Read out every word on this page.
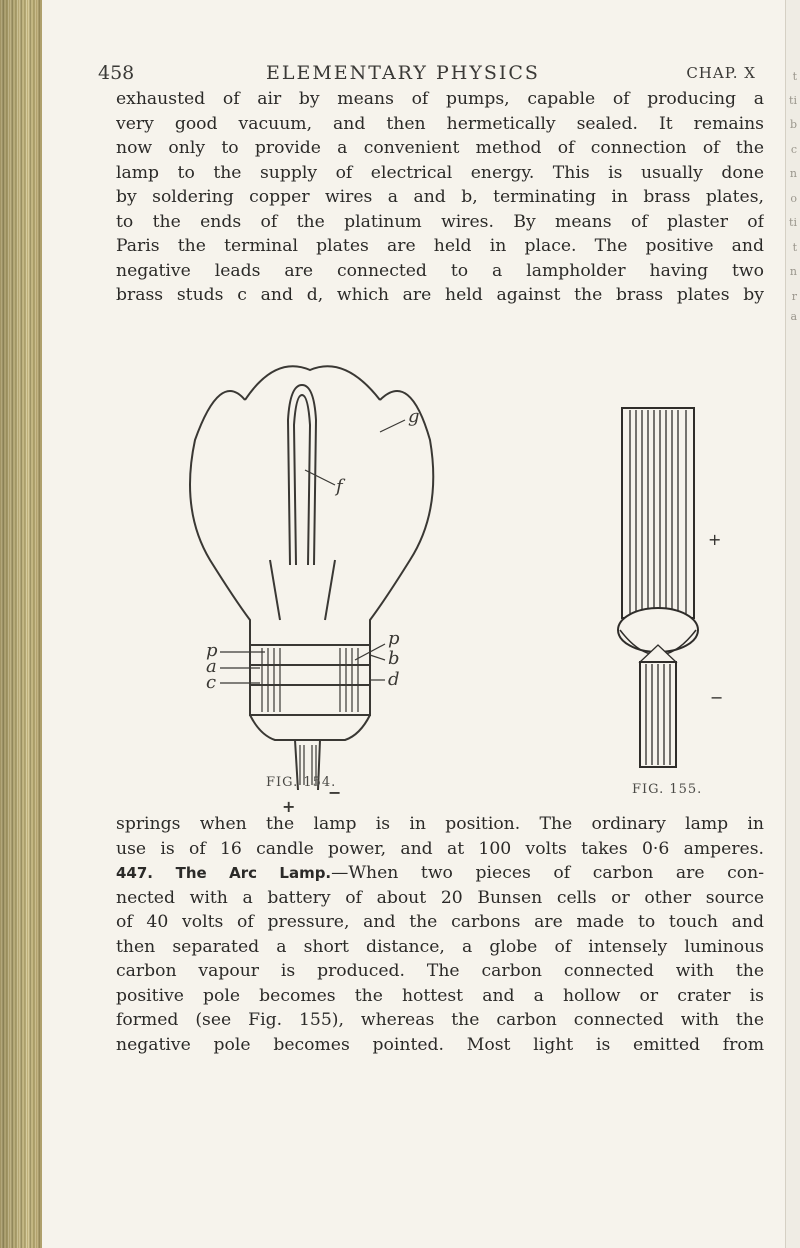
t
ti
b
c
n
o
ti
t
n
r
a
458	ELEMENTARY PHYSICS	CHAP. X
exhausted of air by means of pumps, capable of producing a
very good vacuum, and then hermetically sealed. It remains
now only to provide a convenient method of connection of the
lamp to the supply of electrical energy. This is usually done
by soldering copper wires a and b, terminating in brass plates,
to the ends of the platinum wires. By means of plaster of
Paris the terminal plates are held in place. The positive and
negative leads are connected to a lampholder having two
brass studs c and d, which are held against the brass plates by
g
f
p
p
a	b
c	d
+
−
FIG. 154.
+
−
FIG. 155.
springs when the lamp is in position. The ordinary lamp in
use is of 16 candle power, and at 100 volts takes 0·6 amperes.
447. The Arc Lamp.—When two pieces of carbon are con-
nected with a battery of about 20 Bunsen cells or other source
of 40 volts of pressure, and the carbons are made to touch and
then separated a short distance, a globe of intensely luminous
carbon vapour is produced. The carbon connected with the
positive pole becomes the hottest and a hollow or crater is
formed (see Fig. 155), whereas the carbon connected with the
negative pole becomes pointed. Most light is emitted from
